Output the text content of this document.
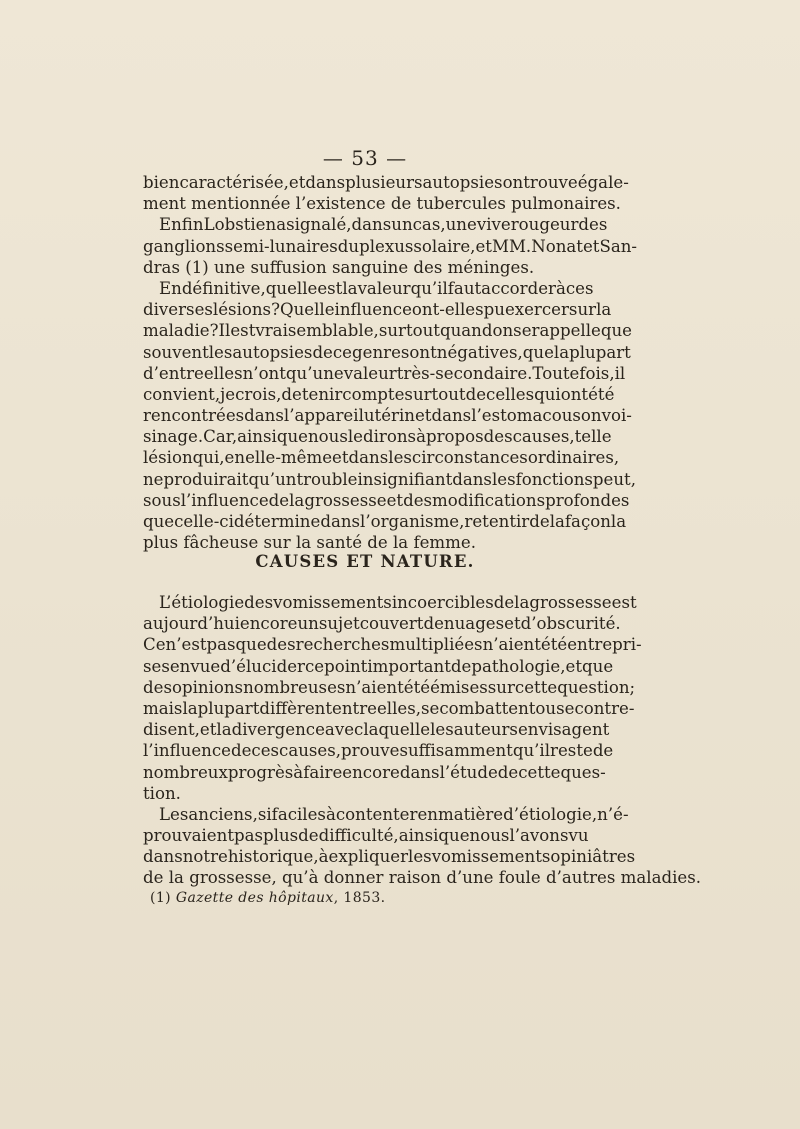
— 53 —
bien caractérisée, et dans plusieurs autopsies on trouve égale-
ment mentionnée l’existence de tubercules pulmonaires.
Enfin Lobstien a signalé, dans un cas, une vive rougeur des
ganglions semi-lunaires du plexus solaire, et MM. Nonat et San-
dras (1) une suffusion sanguine des méninges.
En définitive, quelle est la valeur qu’il faut accorder à ces
diverses lésions? Quelle influence ont-elles pu exercer sur la
maladie ? Il est vraisemblable, surtout quand on se rappelle que
souvent les autopsies de ce genre sont négatives, que la plupart
d’entre elles n’ont qu’une valeur très-secondaire. Toutefois, il
convient, je crois, de tenir compte surtout de celles qui ont été
rencontrées dans l’appareil utérin et dans l’estomac ou son voi-
sinage. Car, ainsi que nous le dirons à propos des causes, telle
lésion qui, en elle-même et dans les circonstances ordinaires,
ne produirait qu’un trouble insignifiant dans les fonctions peut,
sous l’influence de la grossesse et des modifications profondes
que celle-ci détermine dans l’organisme, retentir de la façon la
plus fâcheuse sur la santé de la femme.
CAUSES ET NATURE.
L’étiologie des vomissements incoercibles de la grossesse est
aujourd’hui encore un sujet couvert de nuages et d’obscurité.
Ce n’est pas que des recherches multipliées n’aient été entrepri-
ses en vue d’élucider ce point important de pathologie, et que
des opinions nombreuses n’aient été émises sur cette question ;
mais la plupart diffèrent entre elles, se combattent ou se contre-
disent, et la divergence avec laquelle les auteurs envisagent
l’influence de ces causes, prouve suffisamment qu’il reste de
nombreux progrès à faire encore dans l’étude de cette ques-
tion.
Les anciens, si faciles à contenter en matière d’étiologie, n’é-
prouvaient pas plus de difficulté, ainsi que nous l’avons vu
dans notre historique, à expliquer les vomissements opiniâtres
de la grossesse, qu’à donner raison d’une foule d’autres maladies.
(1) Gazette des hôpitaux, 1853.
